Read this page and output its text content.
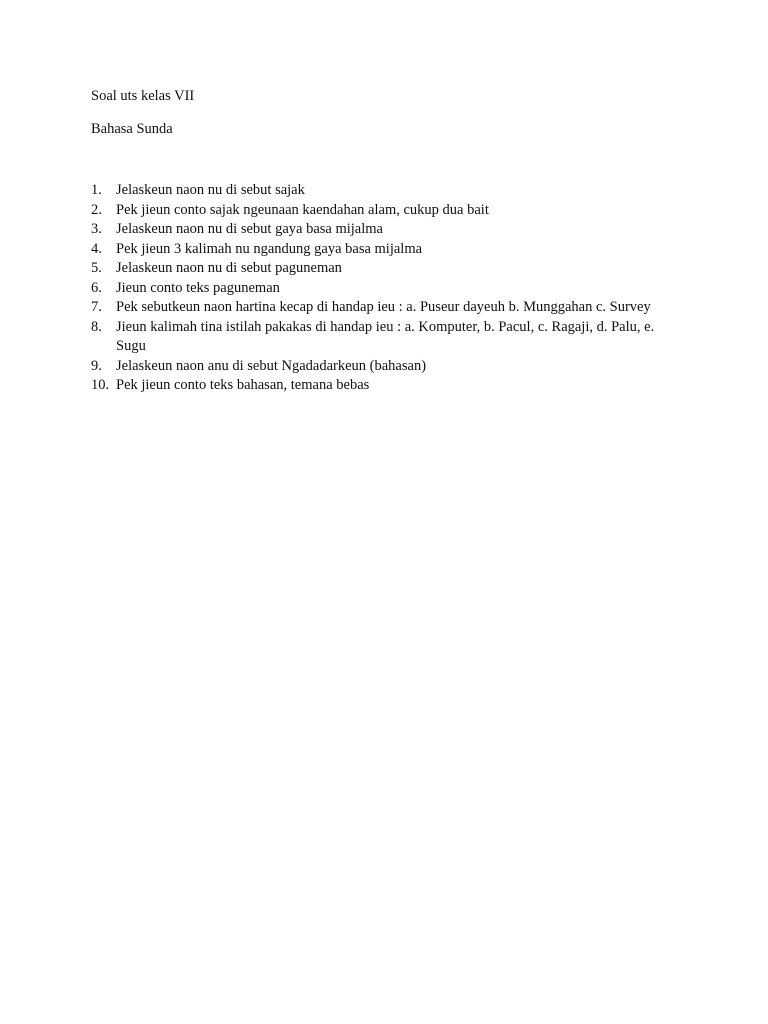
Soal uts kelas VII

Bahasa Sunda

1. Jelaskeun naon nu di sebut sajak
2. Pek jieun conto sajak ngeunaan kaendahan alam, cukup dua bait
3. Jelaskeun naon nu di sebut gaya basa mijalma
4. Pek jieun 3 kalimah nu ngandung gaya basa mijalma
5. Jelaskeun naon nu di sebut paguneman
6. Jieun conto teks paguneman
7. Pek sebutkeun naon hartina kecap di handap ieu : a. Puseur dayeuh b. Munggahan c. Survey
8. Jieun kalimah tina istilah pakakas di handap ieu : a. Komputer, b. Pacul, c. Ragaji, d. Palu, e. Sugu
9. Jelaskeun naon anu di sebut Ngadadarkeun (bahasan)
10. Pek jieun conto teks bahasan, temana bebas
